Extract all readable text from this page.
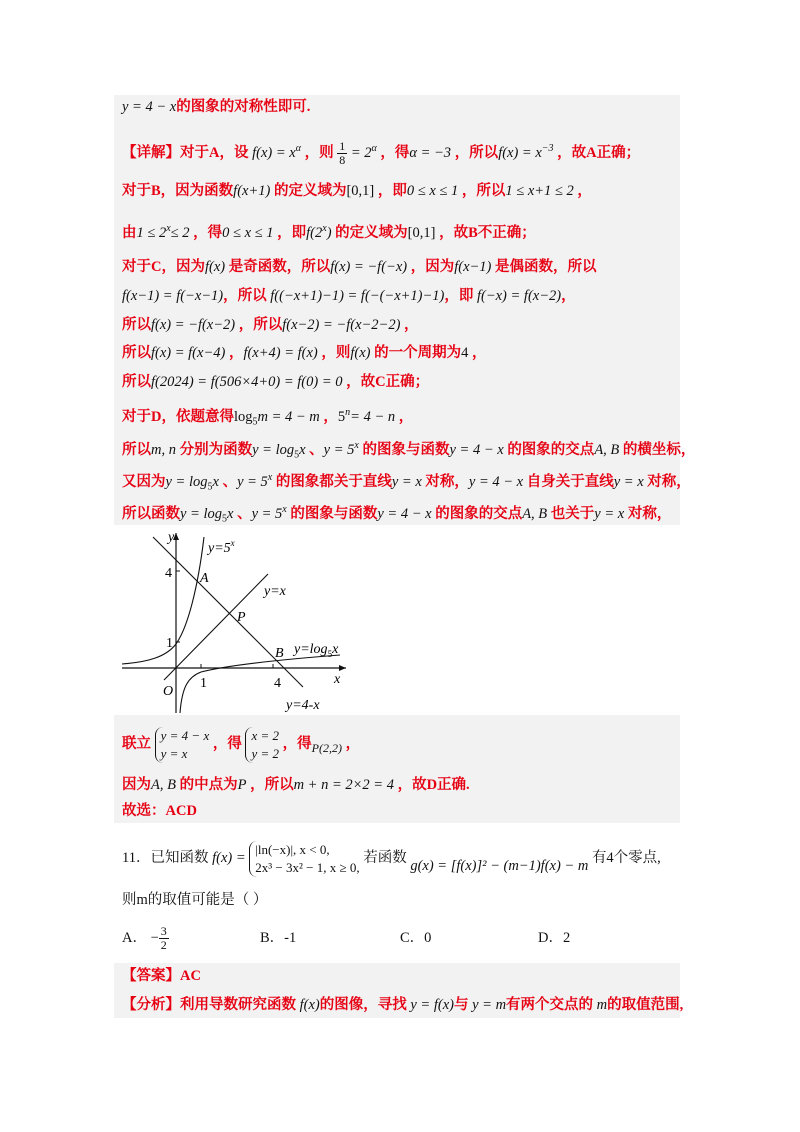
y = 4 − x的图象的对称性即可.
【详解】对于A，设 $f(x) = x^\alpha$ ，则 $\frac{1}{8} = 2^\alpha$ ，得α = −3 ，所以$f(x) = x^{-3}$ ，故A正确；
对于B，因为函数f(x+1) 的定义域为[0,1] ，即0 ≤ x ≤ 1 ，所以1 ≤ x+1 ≤ 2 ，
由$1 \le 2^x\le 2$ ，得0 ≤ x ≤ 1 ，即f(2$^x$) 的定义域为[0,1] ，故B不正确；
对于C，因为f(x) 是奇函数，所以f(x) = −f(−x) ，因为f(x−1) 是偶函数，所以
f(x−1) = f(−x−1)，所以 f((−x+1)−1) = f(−(−x+1)−1)，即 f(−x) = f(x−2)，
所以f(x) = −f(x−2) ，所以f(x−2) = −f(x−2−2) ，
所以f(x) = f(x−4) ，f(x+4) = f(x) ，则f(x) 的一个周期为4 ，
所以f(2024) = f(506×4+0) = f(0) = 0 ，故C正确；
对于D，依题意得$\log_5m = 4 - m$ ，$5^n= 4 - n$ ，
所以m, n 分别为函数$y = \log_5x$ 、$y = 5^x$ 的图象与函数y = 4 − x 的图象的交点A, B 的横坐标，
又因为$y = \log_5x$ 、$y = 5^x$ 的图象都关于直线y = x 对称，y = 4 − x 自身关于直线y = x 对称，
所以函数$y = \log_5x$ 、$y = 5^x$ 的图象与函数y = 4 − x 的图象的交点A, B 也关于y = x 对称，
y
x
O
4
1
1	4
A
B
P
$y=5^x$
y=x
$y=\log_5x$
y=4-x
联立
y = 4 − x
y = x
，得
x = 2
y = 2
，得$_{P(2,2)}$ ，
因为A, B 的中点为P ，所以m + n = 2×2 = 4 ，故D正确.
故选：ACD
11．已知函数 f(x) =
|ln(−x)|, x < 0,
2x³ − 3x² − 1, x ≥ 0,
若函数 g(x) = [f(x)]² − (m−1)f(x) − m 有4个零点,
则m的取值可能是（ ）
A． − $\frac{3}{2}$	B．-1	C．0	D．2
【答案】AC
【分析】利用导数研究函数 f(x)的图像，寻找 y = f(x)与 y = m有两个交点的 m的取值范围,
